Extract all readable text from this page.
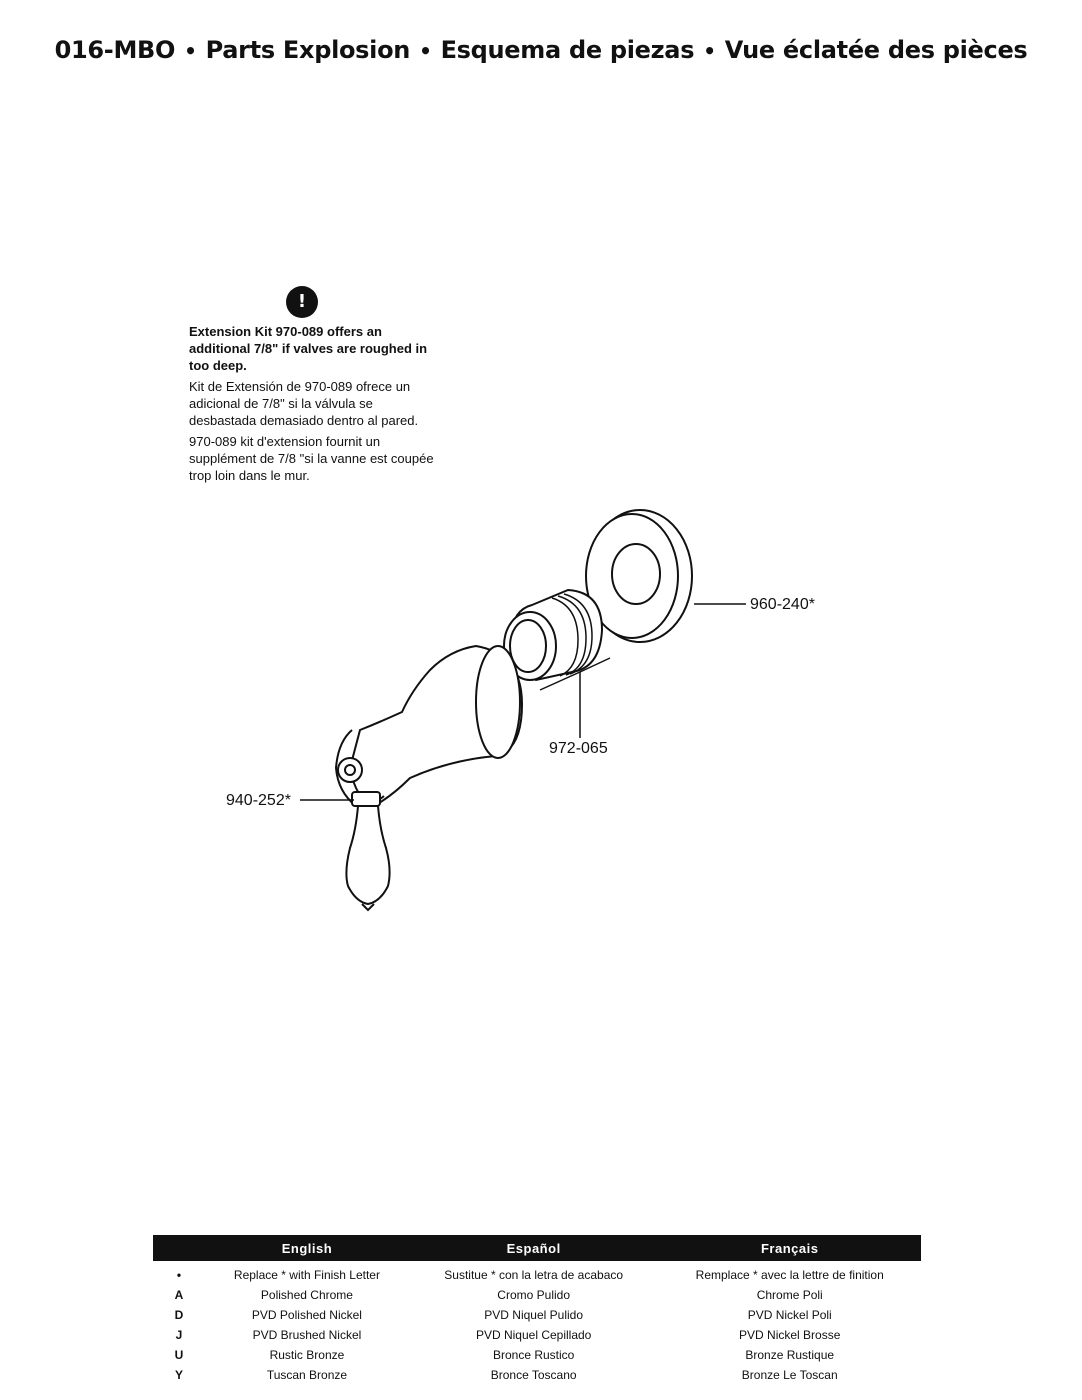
016-MBO • Parts Explosion • Esquema de piezas • Vue éclatée des pièces
!

Extension Kit 970-089 offers an additional 7/8" if valves are roughed in too deep.

Kit de Extensión de 970-089 ofrece un adicional de 7/8" si la válvula se desbastada demasiado dentro al pared.

970-089 kit d'extension fournit un supplément de 7/8 "si la vanne est coupée trop loin dans le mur.

960-240*
972-065
940-252*
	English	Español	Français
•	Replace * with Finish Letter	Sustitue * con la letra de acabaco	Remplace * avec la lettre de finition
A	Polished Chrome	Cromo Pulido	Chrome Poli
D	PVD Polished Nickel	PVD Niquel Pulido	PVD Nickel Poli
J	PVD Brushed Nickel	PVD Niquel Cepillado	PVD Nickel Brosse
U	Rustic Bronze	Bronce Rustico	Bronze Rustique
Y	Tuscan Bronze	Bronce Toscano	Bronze Le Toscan
